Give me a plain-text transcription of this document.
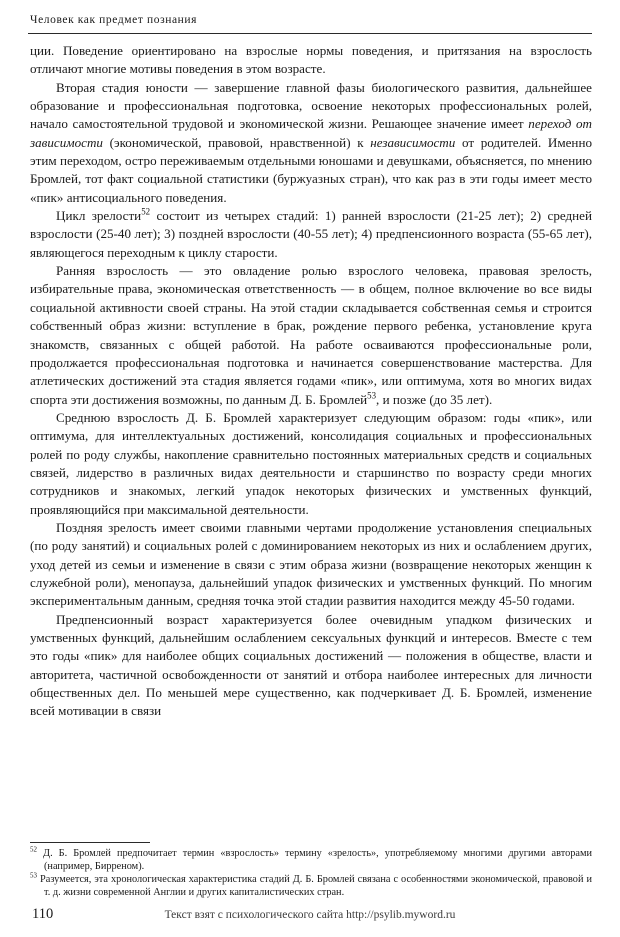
Человек как предмет познания

ции. Поведение ориентировано на взрослые нормы поведения, и притязания на взрослость отличают многие мотивы поведения в этом возрасте.

Вторая стадия юности — завершение главной фазы биологического развития, дальнейшее образование и профессиональная подготовка, освоение некоторых профессиональных ролей, начало самостоятельной трудовой и экономической жизни. Решающее значение имеет переход от зависимости (экономической, правовой, нравственной) к независимости от родителей. Именно этим переходом, остро переживаемым отдельными юношами и девушками, объясняется, по мнению Бромлей, тот факт социальной статистики (буржуазных стран), что как раз в эти годы имеет место «пик» антисоциального поведения.

Цикл зрелости$^{52}$ состоит из четырех стадий: 1) ранней взрослости (21-25 лет); 2) средней взрослости (25-40 лет); 3) поздней взрослости (40-55 лет); 4) предпенсионного возраста (55-65 лет), являющегося переходным к циклу старости.

Ранняя взрослость — это овладение ролью взрослого человека, правовая зрелость, избирательные права, экономическая ответственность — в общем, полное включение во все виды социальной активности своей страны. На этой стадии складывается собственная семья и строится собственный образ жизни: вступление в брак, рождение первого ребенка, установление круга знакомств, связанных с общей работой. На работе осваиваются профессиональные роли, продолжается профессиональная подготовка и начинается совершенствование мастерства. Для атлетических достижений эта стадия является годами «пик», или оптимума, хотя во многих видах спорта эти достижения возможны, по данным Д. Б. Бромлей$^{53}$, и позже (до 35 лет).

Среднюю взрослость Д. Б. Бромлей характеризует следующим образом: годы «пик», или оптимума, для интеллектуальных достижений, консолидация социальных и профессиональных ролей по роду службы, накопление сравнительно постоянных материальных средств и социальных связей, лидерство в различных видах деятельности и старшинство по возрасту среди многих сотрудников и знакомых, легкий упадок некоторых физических и умственных функций, проявляющийся при максимальной деятельности.

Поздняя зрелость имеет своими главными чертами продолжение установления специальных (по роду занятий) и социальных ролей с доминированием некоторых из них и ослаблением других, уход детей из семьи и изменение в связи с этим образа жизни (возвращение некоторых женщин к служебной роли), менопауза, дальнейший упадок физических и умственных функций. По многим экспериментальным данным, средняя точка этой стадии развития находится между 45-50 годами.

Предпенсионный возраст характеризуется более очевидным упадком физических и умственных функций, дальнейшим ослаблением сексуальных функций и интересов. Вместе с тем это годы «пик» для наиболее общих социальных достижений — положения в обществе, власти и авторитета, частичной освобожденности от занятий и отбора наиболее интересных для личности общественных дел. По меньшей мере существенно, как подчеркивает Д. Б. Бромлей, изменение всей мотивации в связи

$^{52}$ Д. Б. Бромлей предпочитает термин «взрослость» термину «зрелость», употребляемому многими другими авторами (например, Бирреном).

$^{53}$ Разумеется, эта хронологическая характеристика стадий Д. Б. Бромлей связана с особенностями экономической, правовой и т. д. жизни современной Англии и других капиталистических стран.

110	Текст взят с психологического сайта http://psylib.myword.ru
